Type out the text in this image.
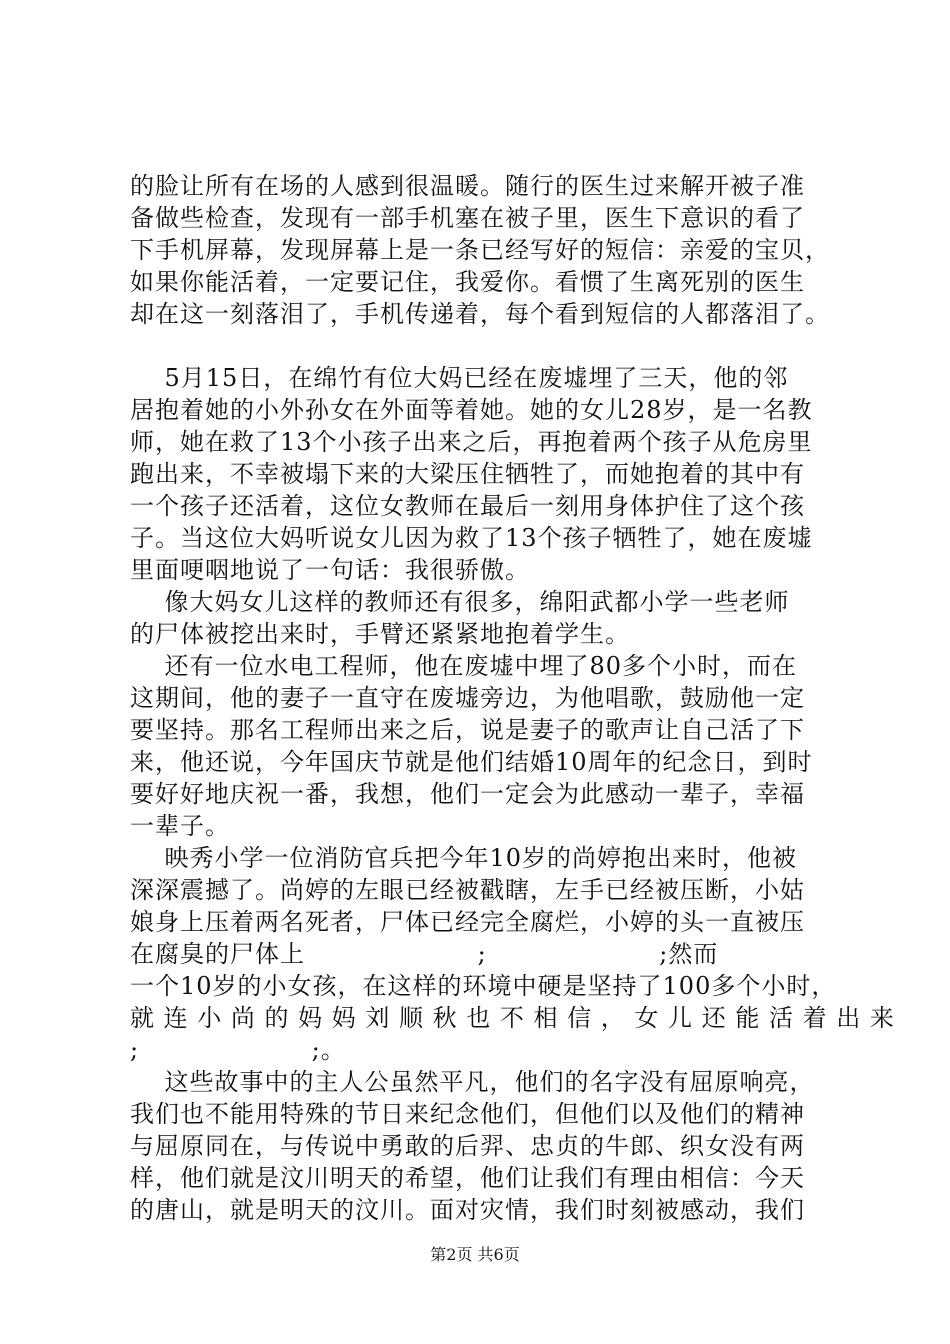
的脸让所有在场的人感到很温暖。随行的医生过来解开被子准
备做些检查，发现有一部手机塞在被子里，医生下意识的看了
下手机屏幕，发现屏幕上是一条已经写好的短信：亲爱的宝贝，
如果你能活着，一定要记住，我爱你。看惯了生离死别的医生
却在这一刻落泪了，手机传递着，每个看到短信的人都落泪了。
5月15日，在绵竹有位大妈已经在废墟埋了三天，他的邻
居抱着她的小外孙女在外面等着她。她的女儿28岁，是一名教
师，她在救了13个小孩子出来之后，再抱着两个孩子从危房里
跑出来，不幸被塌下来的大梁压住牺牲了，而她抱着的其中有
一个孩子还活着，这位女教师在最后一刻用身体护住了这个孩
子。当这位大妈听说女儿因为救了13个孩子牺牲了，她在废墟
里面哽咽地说了一句话：我很骄傲。
像大妈女儿这样的教师还有很多，绵阳武都小学一些老师
的尸体被挖出来时，手臂还紧紧地抱着学生。
还有一位水电工程师，他在废墟中埋了80多个小时，而在
这期间，他的妻子一直守在废墟旁边，为他唱歌，鼓励他一定
要坚持。那名工程师出来之后，说是妻子的歌声让自己活了下
来，他还说，今年国庆节就是他们结婚10周年的纪念日，到时
要好好地庆祝一番，我想，他们一定会为此感动一辈子，幸福
一辈子。
映秀小学一位消防官兵把今年10岁的尚婷抱出来时，他被
深深震撼了。尚婷的左眼已经被戳瞎，左手已经被压断，小姑
娘身上压着两名死者，尸体已经完全腐烂，小婷的头一直被压
在腐臭的尸体上                    ;                    ;然而
一个10岁的小女孩，在这样的环境中硬是坚持了100多个小时，
就 连 小 尚 的 妈 妈 刘 顺 秋 也 不 相 信 ， 女 儿 还 能 活 着 出 来
;                    ;。
这些故事中的主人公虽然平凡，他们的名字没有屈原响亮，
我们也不能用特殊的节日来纪念他们，但他们以及他们的精神
与屈原同在，与传说中勇敢的后羿、忠贞的牛郎、织女没有两
样，他们就是汶川明天的希望，他们让我们有理由相信：今天
的唐山，就是明天的汶川。面对灾情，我们时刻被感动，我们
第2页 共6页
